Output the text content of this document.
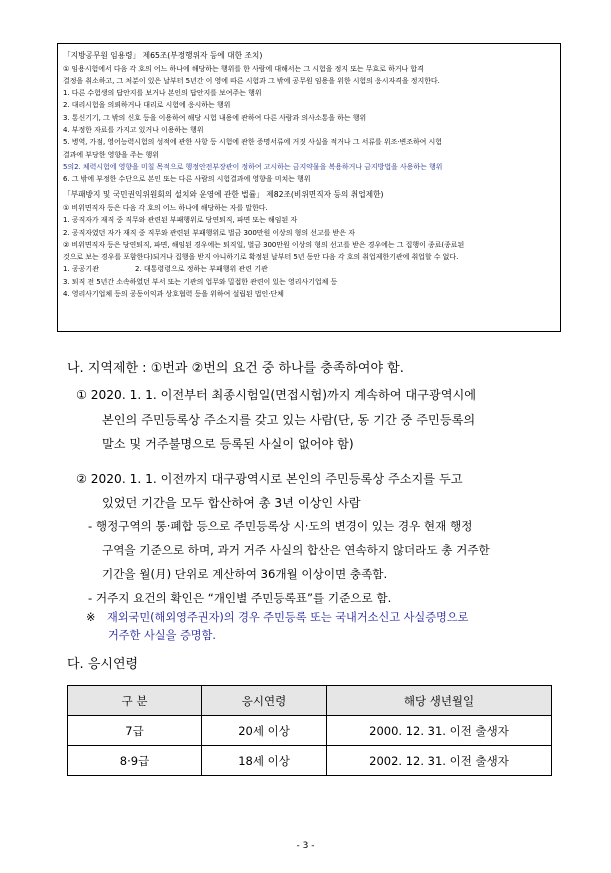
「지방공무원 임용령」 제65조(부정행위자 등에 대한 조치)

① 임용시험에서 다음 각 호의 어느 하나에 해당하는 행위를 한 사람에 대해서는 그 시험을 정지 또는 무효로 하거나 합격

결정을 취소하고, 그 처분이 있은 날부터 5년간 이 영에 따른 시험과 그 밖에 공무원 임용을 위한 시험의 응시자격을 정지한다.

1. 다른 수험생의 답안지를 보거나 본인의 답안지를 보여주는 행위

2. 대리시험을 의뢰하거나 대리로 시험에 응시하는 행위

3. 통신기기, 그 밖의 신호 등을 이용하여 해당 시험 내용에 관하여 다른 사람과 의사소통을 하는 행위

4. 부정한 자료를 가지고 있거나 이용하는 행위

5. 병역, 가점, 영어능력시험의 성적에 관한 사항 등 시험에 관한 증명서류에 거짓 사실을 적거나 그 서류를 위조·변조하여 시험

결과에 부당한 영향을 주는 행위

5의2. 체력시험에 영향을 미칠 목적으로 행정안전부장관이 정하여 고시하는 금지약물을 복용하거나 금지방법을 사용하는 행위

6. 그 밖에 부정한 수단으로 본인 또는 다른 사람의 시험결과에 영향을 미치는 행위

「부패방지 및 국민권익위원회의 설치와 운영에 관한 법률」 제82조(비위면직자 등의 취업제한)

① 비위면직자 등은 다음 각 호의 어느 하나에 해당하는 자를 말한다.

1. 공직자가 재직 중 직무와 관련된 부패행위로 당연퇴직, 파면 또는 해임된 자

2. 공직자였던 자가 재직 중 직무와 관련된 부패행위로 벌금 300만원 이상의 형의 선고를 받은 자

② 비위면직자 등은 당연퇴직, 파면, 해임된 경우에는 퇴직일, 벌금 300만원 이상의 형의 선고를 받은 경우에는 그 집행이 종료(종료된

것으로 보는 경우를 포함한다)되거나 집행을 받지 아니하기로 확정된 날부터 5년 동안 다음 각 호의 취업제한기관에 취업할 수 없다.

1. 공공기관	2. 대통령령으로 정하는 부패행위 관련 기관

3. 퇴직 전 5년간 소속하였던 부서 또는 기관의 업무와 밀접한 관련이 있는 영리사기업체 등

4. 영리사기업체 등의 공동이익과 상호협력 등을 위하여 설립된 법인·단체

나. 지역제한 : ①번과 ②번의 요건 중 하나를 충족하여야 함.

① 2020. 1. 1. 이전부터 최종시험일(면접시험)까지 계속하여 대구광역시에

본인의 주민등록상 주소지를 갖고 있는 사람(단, 동 기간 중 주민등록의

말소 및 거주불명으로 등록된 사실이 없어야 함)

② 2020. 1. 1. 이전까지 대구광역시로 본인의 주민등록상 주소지를 두고

있었던 기간을 모두 합산하여 총 3년 이상인 사람

- 행정구역의 통·폐합 등으로 주민등록상 시·도의 변경이 있는 경우 현재 행정

구역을 기준으로 하며, 과거 거주 사실의 합산은 연속하지 않더라도 총 거주한

기간을 월(月) 단위로 계산하여 36개월 이상이면 충족함.

- 거주지 요건의 확인은 “개인별 주민등록표”를 기준으로 함.

※ 재외국민(해외영주권자)의 경우 주민등록 또는 국내거소신고 사실증명으로

거주한 사실을 증명함.

다. 응시연령

구 분	응시연령	해당 생년월일
7급	20세 이상	2000. 12. 31. 이전 출생자
8·9급	18세 이상	2002. 12. 31. 이전 출생자
- 3 -
